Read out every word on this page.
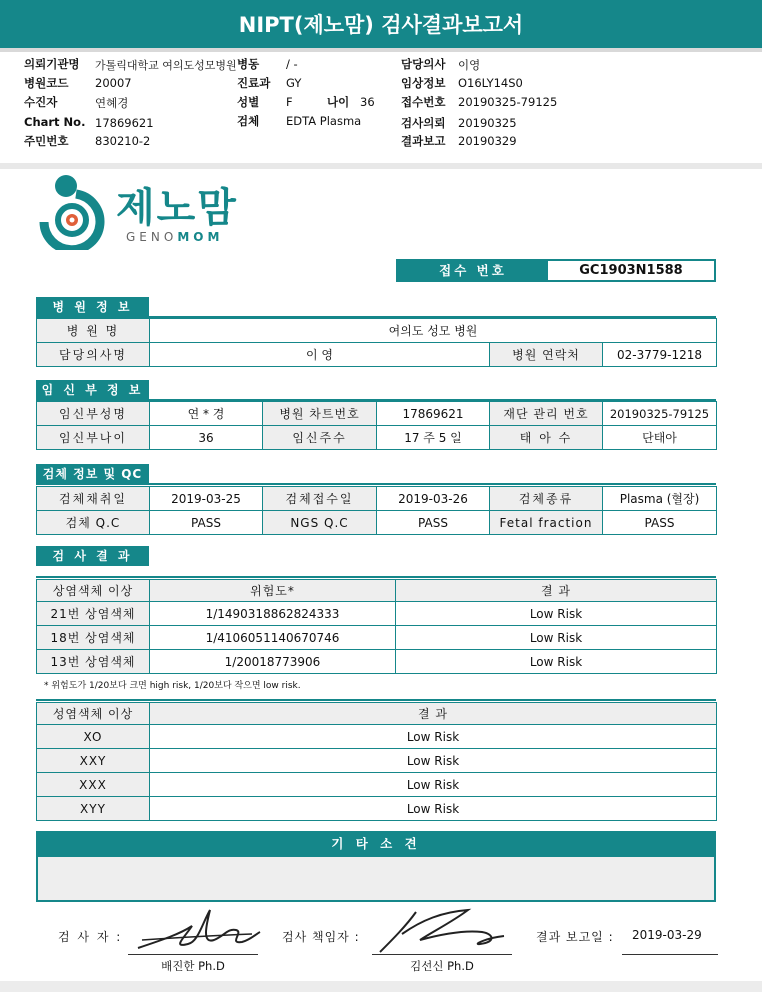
NIPT(제노맘) 검사결과보고서
의뢰기관명 가톨릭대학교 여의도성모병원 병동 / -	담당의사 이영
병원코드 20007	진료과 GY	임상정보 O16LY14S0
수진자	연혜경	성별 F	나이 36 접수번호 20190325-79125
Chart No. 17869621	검체 EDTA Plasma	검사의뢰 20190325
주민번호 830210-2	결과보고 20190329
제노맘
GENOMOM
접수 번호	GC1903N1588
병 원 정 보
병 원 명	여의도 성모 병원		
담당의사명	이 영	병원 연락처	02-3779-1218
임 신 부 정 보
임신부성명	연 * 경	병원 차트번호	17869621	재단 관리 번호	20190325-79125
임신부나이	36	임신주수	17 주 5 일	태 아 수	단태아
검체 정보 및 QC
검체채취일	2019-03-25	검체접수일	2019-03-26	검체종류	Plasma (혈장)
검체 Q.C	PASS	NGS Q.C	PASS	Fetal fraction	PASS
검 사 결 과
상염색체 이상	위험도*	결 과
21번 상염색체	1/1490318862824333	Low Risk
18번 상염색체	1/4106051140670746	Low Risk
13번 상염색체	1/20018773906	Low Risk
* 위험도가 1/20보다 크면 high risk, 1/20보다 작으면 low risk.
성염색체 이상	결 과
XO	Low Risk
XXY	Low Risk
XXX	Low Risk
XYY	Low Risk
기 타 소 견
검 사 자 :
배진한 Ph.D
검사 책임자 :
김선신 Ph.D
결과 보고일 : 2019-03-29
